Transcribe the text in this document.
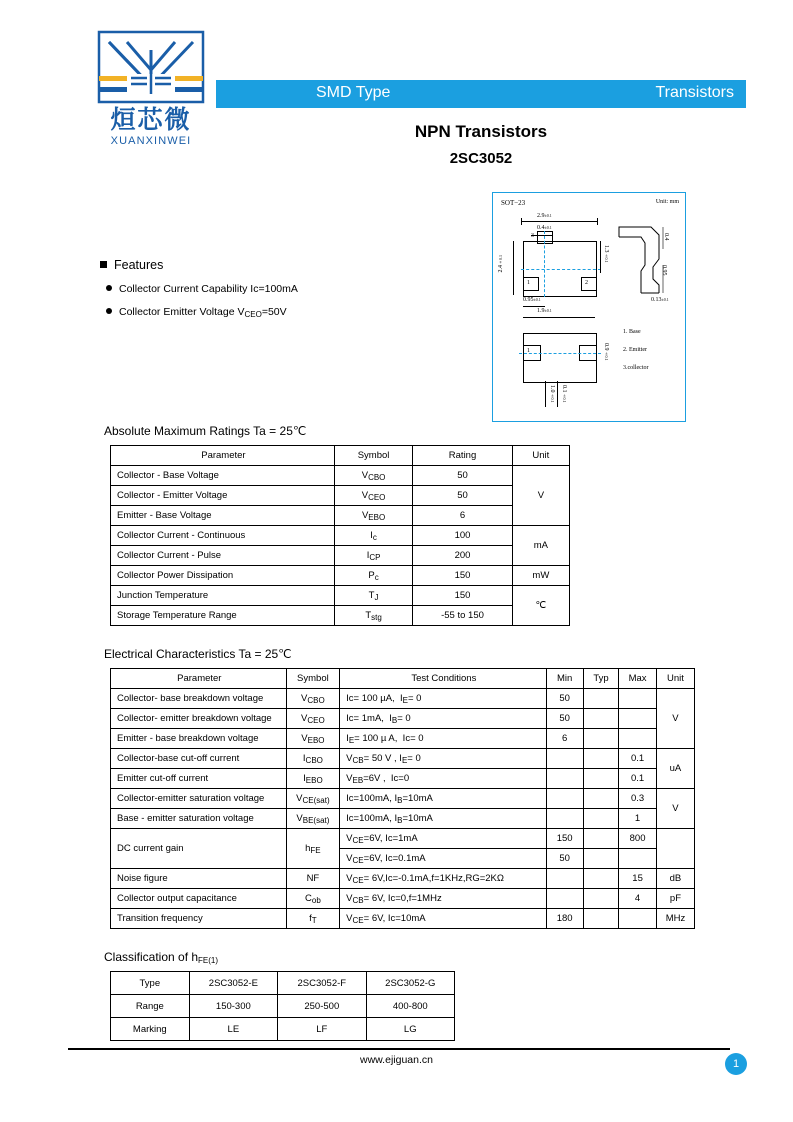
烜芯微
XUANXINWEI
SMD Type	Transistors
NPN Transistors
2SC3052
Features
Collector Current Capability Ic=100mA
Collector Emitter Voltage $V_{CEO}=50V$
SOT−23	Unit: mm
2.9±0.1
0.4±0.1
3
1	2
2.4±0.1
1.3±0.1
0.95±0.1
1.9±0.1
0.4
0.95
0.13±0.1
1
0.9±0.1
1.0±0.1
0.1±0.1
1. Base
2. Emitter
3.collector
Absolute Maximum Ratings Ta = 25℃
Parameter	Symbol	Rating	Unit
Collector - Base Voltage	$V_{CBO}$	50	V
Collector - Emitter Voltage	$V_{CEO}$	50	
Emitter - Base Voltage	$V_{EBO}$	6	
Collector Current - Continuous	$I_c$	100	mA
Collector Current - Pulse	$I_{CP}$	200	
Collector Power Dissipation	$P_c$	150	mW
Junction Temperature	$T_J$	150	℃
Storage Temperature Range	$T_{stg}$	-55 to 150	
Electrical Characteristics Ta = 25℃
Parameter	Symbol	Test Conditions	Min	Typ	Max	Unit
Collector- base breakdown voltage	$V_{CBO}$	Ic= 100 µA,  $I_E= 0$	50			V
Collector- emitter breakdown voltage	$V_{CEO}$	Ic= 1mA,  $I_B= 0$	50			
Emitter - base breakdown voltage	$V_{EBO}$	$I_E= 100$ µ A,  Ic= 0	6			
Collector-base cut-off current	$I_{CBO}$	$V_{CB}= 50$ V , $I_E= 0$			0.1	uA
Emitter cut-off current	$I_{EBO}$	$V_{EB}=6V$ ,  Ic=0			0.1	
Collector-emitter saturation voltage	$V_{CE(sat)}$	Ic=100mA, $I_B=10mA$			0.3	V
Base - emitter saturation voltage	$V_{BE(sat)}$	Ic=100mA, $I_B=10mA$			1	
DC current gain	$h_{FE}$	$V_{CE}=6V$, Ic=1mA	150		800	
		$V_{CE}=6V$, Ic=0.1mA	50			
Noise figure	NF	$V_{CE}= 6V,Ic=-0.1mA,f=1KHz,RG=2K\Omega$			15	dB
Collector output capacitance	$C_{ob}$	$V_{CB}= 6V$, Ic=0,f=1MHz			4	pF
Transition frequency	$f_T$	$V_{CE}= 6V$, Ic=10mA	180			MHz
Classification of $h_{FE(1)}$
Type	2SC3052-E	2SC3052-F	2SC3052-G
Range	150-300	250-500	400-800
Marking	LE	LF	LG
www.ejiguan.cn	1
